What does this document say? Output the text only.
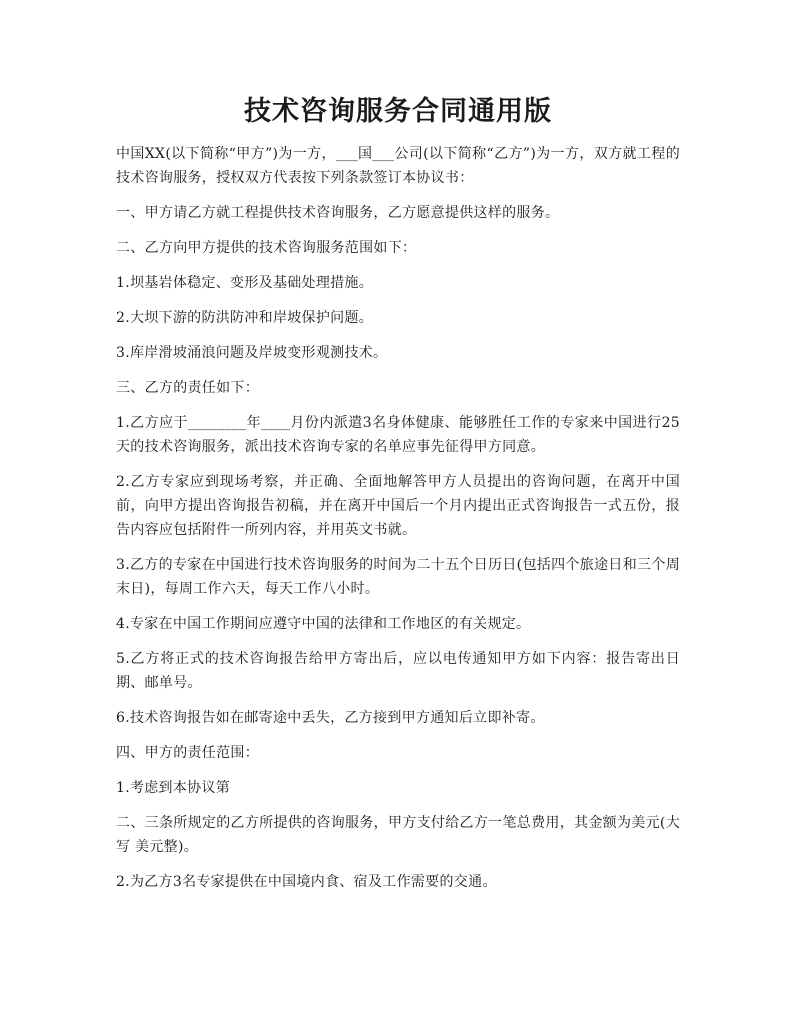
技术咨询服务合同通用版

中国XX(以下简称“甲方”)为一方，___国___公司(以下简称“乙方”)为一方，双方就工程的技术咨询服务，授权双方代表按下列条款签订本协议书：

一、甲方请乙方就工程提供技术咨询服务，乙方愿意提供这样的服务。

二、乙方向甲方提供的技术咨询服务范围如下：

1.坝基岩体稳定、变形及基础处理措施。

2.大坝下游的防洪防冲和岸坡保护问题。

3.库岸滑坡涌浪问题及岸坡变形观测技术。

三、乙方的责任如下：

1.乙方应于________年____月份内派遣3名身体健康、能够胜任工作的专家来中国进行25天的技术咨询服务，派出技术咨询专家的名单应事先征得甲方同意。

2.乙方专家应到现场考察，并正确、全面地解答甲方人员提出的咨询问题，在离开中国前，向甲方提出咨询报告初稿，并在离开中国后一个月内提出正式咨询报告一式五份，报告内容应包括附件一所列内容，并用英文书就。

3.乙方的专家在中国进行技术咨询服务的时间为二十五个日历日(包括四个旅途日和三个周末日)，每周工作六天，每天工作八小时。

4.专家在中国工作期间应遵守中国的法律和工作地区的有关规定。

5.乙方将正式的技术咨询报告给甲方寄出后，应以电传通知甲方如下内容：报告寄出日期、邮单号。

6.技术咨询报告如在邮寄途中丢失，乙方接到甲方通知后立即补寄。

四、甲方的责任范围：

1.考虑到本协议第

二、三条所规定的乙方所提供的咨询服务，甲方支付给乙方一笔总费用，其金额为美元(大写 美元整)。

2.为乙方3名专家提供在中国境内食、宿及工作需要的交通。
